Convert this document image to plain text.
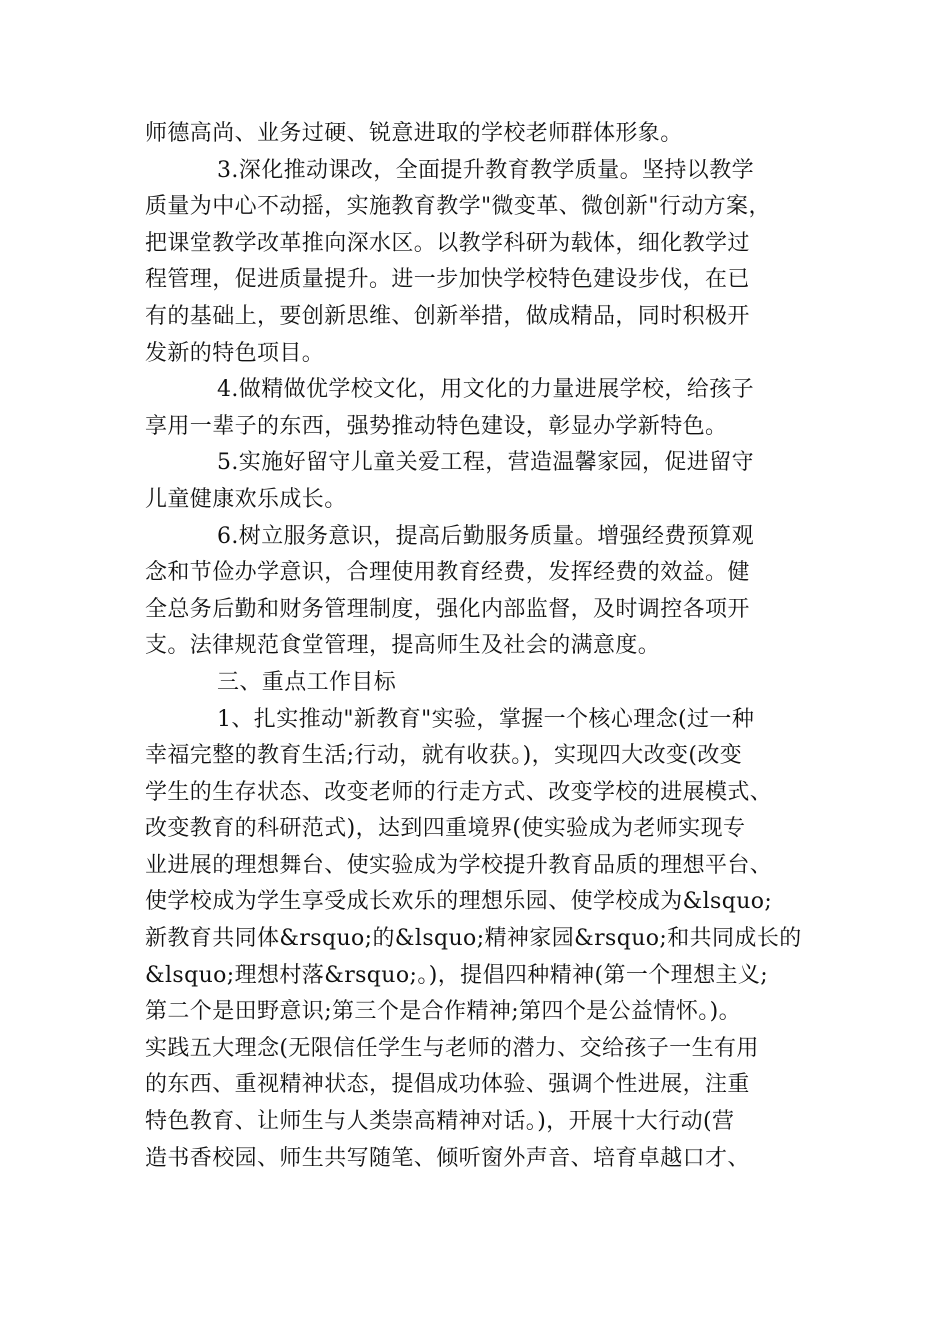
师德高尚、业务过硬、锐意进取的学校老师群体形象。
3.深化推动课改，全面提升教育教学质量。坚持以教学
质量为中心不动摇，实施教育教学"微变革、微创新"行动方案，
把课堂教学改革推向深水区。以教学科研为载体，细化教学过
程管理，促进质量提升。进一步加快学校特色建设步伐，在已
有的基础上，要创新思维、创新举措，做成精品，同时积极开
发新的特色项目。
4.做精做优学校文化，用文化的力量进展学校，给孩子
享用一辈子的东西，强势推动特色建设，彰显办学新特色。
5.实施好留守儿童关爱工程，营造温馨家园，促进留守
儿童健康欢乐成长。
6.树立服务意识，提高后勤服务质量。增强经费预算观
念和节俭办学意识，合理使用教育经费，发挥经费的效益。健
全总务后勤和财务管理制度，强化内部监督，及时调控各项开
支。法律规范食堂管理，提高师生及社会的满意度。
三、重点工作目标
1、扎实推动"新教育"实验，掌握一个核心理念(过一种
幸福完整的教育生活;行动，就有收获。)，实现四大改变(改变
学生的生存状态、改变老师的行走方式、改变学校的进展模式、
改变教育的科研范式)，达到四重境界(使实验成为老师实现专
业进展的理想舞台、使实验成为学校提升教育品质的理想平台、
使学校成为学生享受成长欢乐的理想乐园、使学校成为&lsquo;
新教育共同体&rsquo;的&lsquo;精神家园&rsquo;和共同成长的
&lsquo;理想村落&rsquo;。)，提倡四种精神(第一个理想主义;
第二个是田野意识;第三个是合作精神;第四个是公益情怀。)。
实践五大理念(无限信任学生与老师的潜力、交给孩子一生有用
的东西、重视精神状态，提倡成功体验、强调个性进展，注重
特色教育、让师生与人类崇高精神对话。)，开展十大行动(营
造书香校园、师生共写随笔、倾听窗外声音、培育卓越口才、
